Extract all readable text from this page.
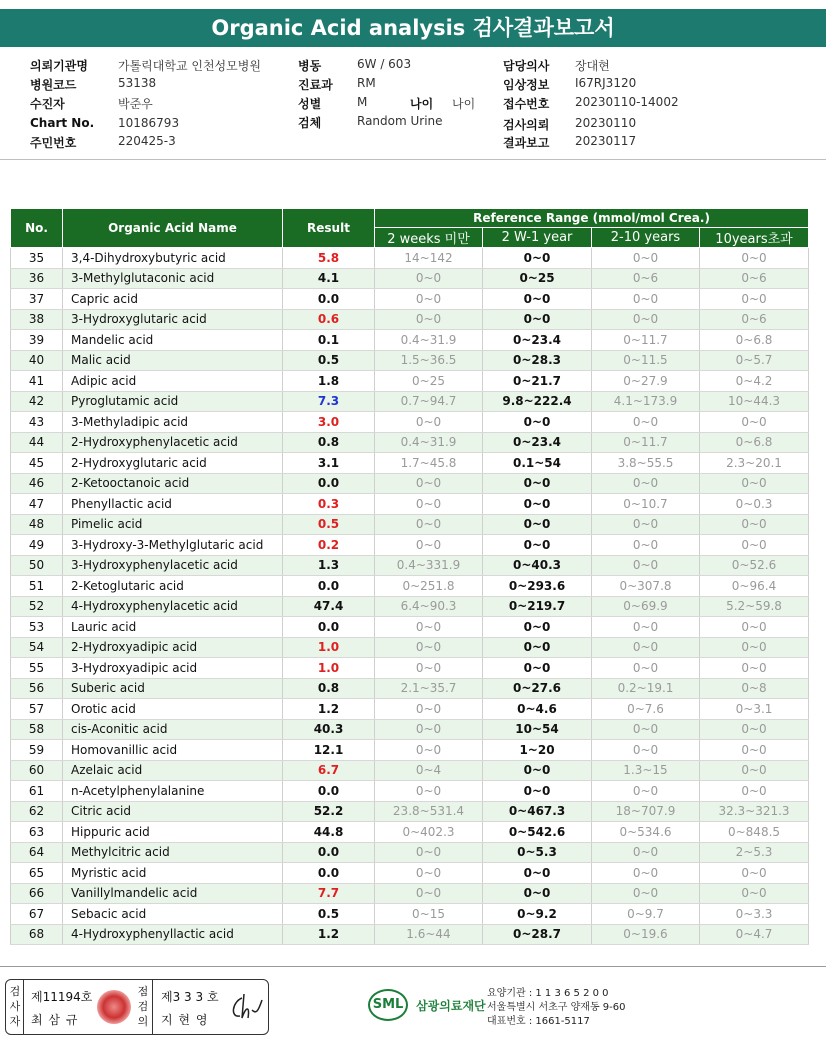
Organic Acid analysis 검사결과보고서
의뢰기관명	가톨릭대학교 인천성모병원
병원코드	53138
수진자	박준우
Chart No. 10186793
주민번호	220425-3
병동	6W / 603
진료과 RM
성별	M	나이 나이
검체	Random Urine
담당의사 장대현
임상정보 I67RJ3120
접수번호 20230110-14002
검사의뢰 20230110
결과보고 20230117
No.	Organic Acid Name	Result	Reference Range (mmol/mol Crea.)			
			2 weeks 미만	2 W-1 year	2-10 years	10years초과
35	3,4-Dihydroxybutyric acid	5.8	14~142	0~0	0~0	0~0
36	3-Methylglutaconic acid	4.1	0~0	0~25	0~6	0~6
37	Capric acid	0.0	0~0	0~0	0~0	0~0
38	3-Hydroxyglutaric acid	0.6	0~0	0~0	0~0	0~6
39	Mandelic acid	0.1	0.4~31.9	0~23.4	0~11.7	0~6.8
40	Malic acid	0.5	1.5~36.5	0~28.3	0~11.5	0~5.7
41	Adipic acid	1.8	0~25	0~21.7	0~27.9	0~4.2
42	Pyroglutamic acid	7.3	0.7~94.7	9.8~222.4	4.1~173.9	10~44.3
43	3-Methyladipic acid	3.0	0~0	0~0	0~0	0~0
44	2-Hydroxyphenylacetic acid	0.8	0.4~31.9	0~23.4	0~11.7	0~6.8
45	2-Hydroxyglutaric acid	3.1	1.7~45.8	0.1~54	3.8~55.5	2.3~20.1
46	2-Ketooctanoic acid	0.0	0~0	0~0	0~0	0~0
47	Phenyllactic acid	0.3	0~0	0~0	0~10.7	0~0.3
48	Pimelic acid	0.5	0~0	0~0	0~0	0~0
49	3-Hydroxy-3-Methylglutaric acid	0.2	0~0	0~0	0~0	0~0
50	3-Hydroxyphenylacetic acid	1.3	0.4~331.9	0~40.3	0~0	0~52.6
51	2-Ketoglutaric acid	0.0	0~251.8	0~293.6	0~307.8	0~96.4
52	4-Hydroxyphenylacetic acid	47.4	6.4~90.3	0~219.7	0~69.9	5.2~59.8
53	Lauric acid	0.0	0~0	0~0	0~0	0~0
54	2-Hydroxyadipic acid	1.0	0~0	0~0	0~0	0~0
55	3-Hydroxyadipic acid	1.0	0~0	0~0	0~0	0~0
56	Suberic acid	0.8	2.1~35.7	0~27.6	0.2~19.1	0~8
57	Orotic acid	1.2	0~0	0~4.6	0~7.6	0~3.1
58	cis-Aconitic acid	40.3	0~0	10~54	0~0	0~0
59	Homovanillic acid	12.1	0~0	1~20	0~0	0~0
60	Azelaic acid	6.7	0~4	0~0	1.3~15	0~0
61	n-Acetylphenylalanine	0.0	0~0	0~0	0~0	0~0
62	Citric acid	52.2	23.8~531.4	0~467.3	18~707.9	32.3~321.3
63	Hippuric acid	44.8	0~402.3	0~542.6	0~534.6	0~848.5
64	Methylcitric acid	0.0	0~0	0~5.3	0~0	2~5.3
65	Myristic acid	0.0	0~0	0~0	0~0	0~0
66	Vanillylmandelic acid	7.7	0~0	0~0	0~0	0~0
67	Sebacic acid	0.5	0~15	0~9.2	0~9.7	0~3.3
68	4-Hydroxyphenyllactic acid	1.2	1.6~44	0~28.7	0~19.6	0~4.7
검사자
제11194호
최 삼 규
점검의
제3 3 3 호
지 현 영
SML 삼광의료재단
요양기관 : 1 1 3 6 5 2 0 0
서울특별시 서초구 양재동 9-60
대표번호 : 1661-5117
